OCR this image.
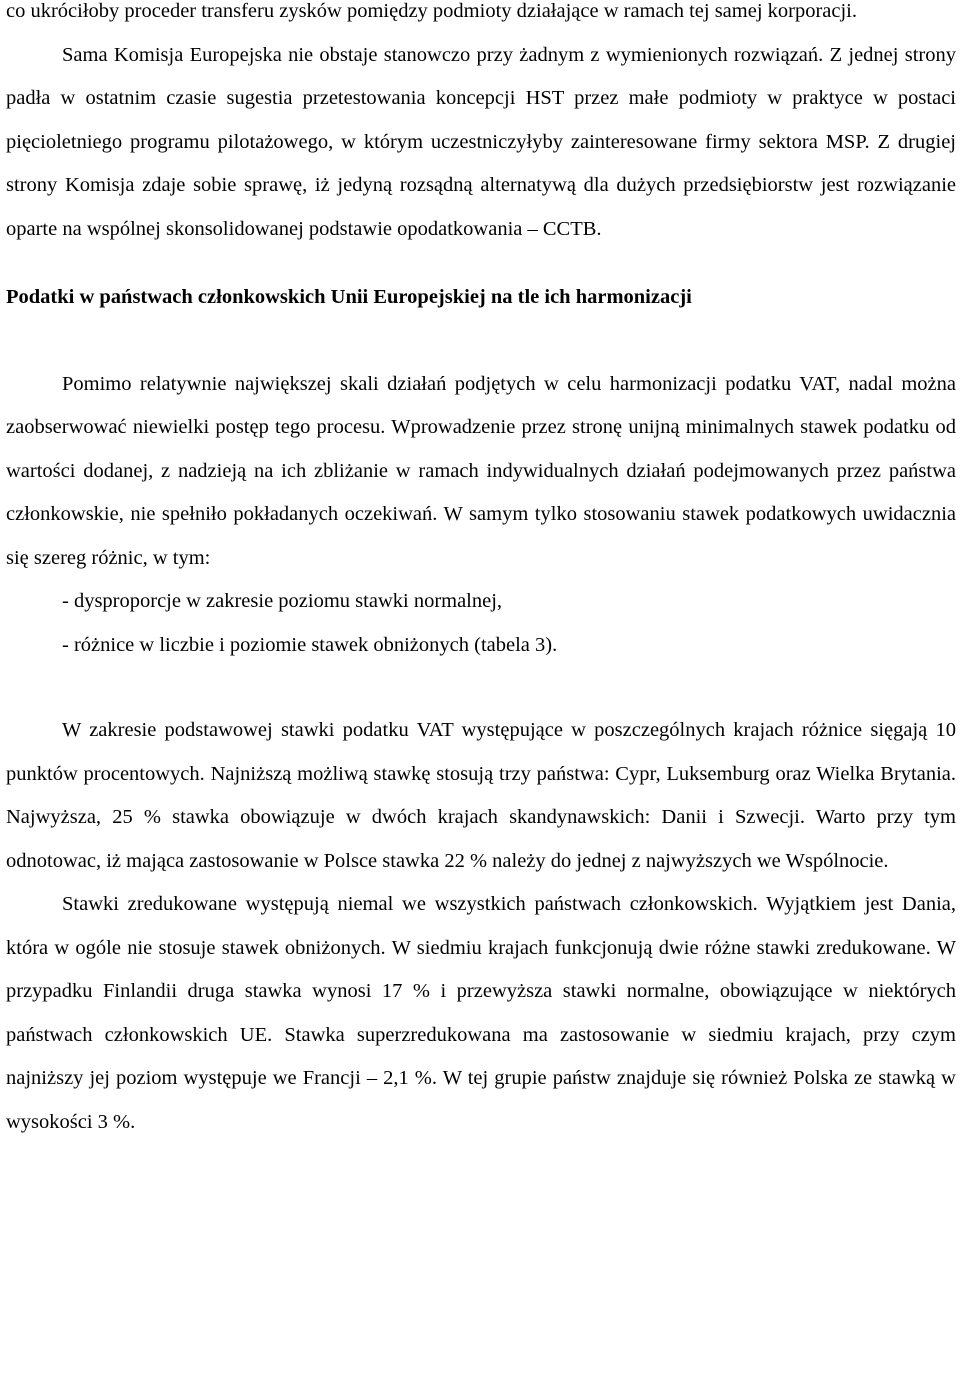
co ukróciłoby proceder transferu zysków pomiędzy podmioty działające w ramach tej samej korporacji.

Sama Komisja Europejska nie obstaje stanowczo przy żadnym z wymienionych rozwiązań. Z jednej strony padła w ostatnim czasie sugestia przetestowania koncepcji HST przez małe podmioty w praktyce w postaci pięcioletniego programu pilotażowego, w którym uczestniczyłyby zainteresowane firmy sektora MSP. Z drugiej strony Komisja zdaje sobie sprawę, iż jedyną rozsądną alternatywą dla dużych przedsiębiorstw jest rozwiązanie oparte na wspólnej skonsolidowanej podstawie opodatkowania – CCTB.

Podatki w państwach członkowskich Unii Europejskiej na tle ich harmonizacji

Pomimo relatywnie największej skali działań podjętych w celu harmonizacji podatku VAT, nadal można zaobserwować niewielki postęp tego procesu. Wprowadzenie przez stronę unijną minimalnych stawek podatku od wartości dodanej, z nadzieją na ich zbliżanie w ramach indywidualnych działań podejmowanych przez państwa członkowskie, nie spełniło pokładanych oczekiwań. W samym tylko stosowaniu stawek podatkowych uwidacznia się szereg różnic, w tym:

- dysproporcje w zakresie poziomu stawki normalnej,
- różnice w liczbie i poziomie stawek obniżonych (tabela 3).

W zakresie podstawowej stawki podatku VAT występujące w poszczególnych krajach różnice sięgają 10 punktów procentowych. Najniższą możliwą stawkę stosują trzy państwa: Cypr, Luksemburg oraz Wielka Brytania. Najwyższa, 25 % stawka obowiązuje w dwóch krajach skandynawskich: Danii i Szwecji. Warto przy tym odnotowac, iż mająca zastosowanie w Polsce stawka 22 % należy do jednej z najwyższych we Wspólnocie.

Stawki zredukowane występują niemal we wszystkich państwach członkowskich. Wyjątkiem jest Dania, która w ogóle nie stosuje stawek obniżonych. W siedmiu krajach funkcjonują dwie różne stawki zredukowane. W przypadku Finlandii druga stawka wynosi 17 % i przewyższa stawki normalne, obowiązujące w niektórych państwach członkowskich UE. Stawka superzredukowana ma zastosowanie w siedmiu krajach, przy czym najniższy jej poziom występuje we Francji – 2,1 %. W tej grupie państw znajduje się również Polska ze stawką w wysokości 3 %.
